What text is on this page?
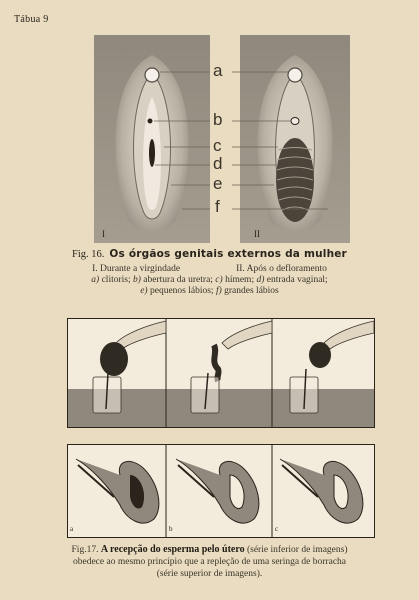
Tábua 9
a
b
c
d
e
f
I	II
Fig. 16. Os órgãos genitais externos da mulher
I. Durante a virgindade	II. Após o defloramento
a) clitoris; b) abertura da uretra; c) hímem; d) entrada vaginal;
e) pequenos lábios; f) grandes lábios
a	b	c
Fig.17. A recepção do esperma pelo útero (série inferior de imagens)
obedece ao mesmo princípio que a repleção de uma seringa de borracha
(série superior de imagens).
